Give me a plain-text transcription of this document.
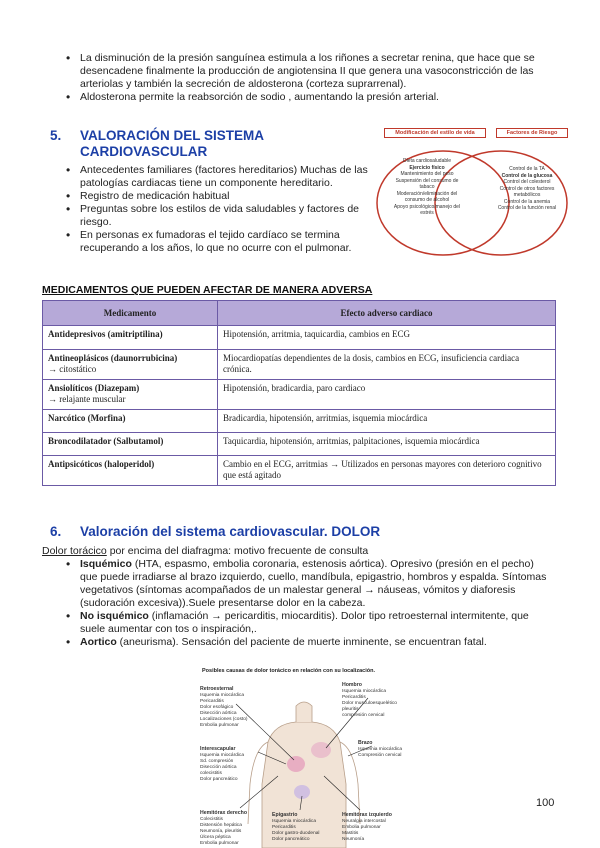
• La disminución de la presión sanguínea estimula a los riñones a secretar renina, que hace que se desencadene finalmente la producción de angiotensina II que genera una vasoconstricción de las arteriolas y también la secreción de aldosterona (corteza suprarrenal).
• Aldosterona permite la reabsorción de sodio , aumentando la presión arterial.
5. VALORACIÓN DEL SISTEMA
CARDIOVASCULAR
• Antecedentes familiares (factores hereditarios) Muchas de las patologías cardiacas tiene un componente hereditario.
• Registro de medicación habitual
• Preguntas sobre los estilos de vida saludables y factores de riesgo.
• En personas ex fumadoras el tejido cardíaco se termina recuperando a los años, lo que no ocurre con el pulmonar.
Modificación del estilo de vida	Factores de Riesgo
Dieta cardiosaludable
Ejercicio físico
Mantenimiento del peso
Suspensión del consumo de tabaco
Moderación/eliminación del consumo de alcohol
Apoyo psicológico/manejo del estrés
Control de la TA
Control de la glucosa
Control del colesterol
Control de otros factores metabólicos
Control de la anemia
Control de la función renal
MEDICAMENTOS QUE PUEDEN AFECTAR DE MANERA ADVERSA
Medicamento	Efecto adverso cardiaco
Antidepresivos (amitriptilina)	Hipotensión, arritmia, taquicardia, cambios en ECG

Antineoplásicos (daunorrubicina)
→ citostático	Miocardiopatías dependientes de la dosis, cambios en ECG, insuficiencia cardiaca crónica.

Ansiolíticos (Diazepam)
→ relajante muscular	Hipotensión, bradicardia, paro cardiaco
Narcótico (Morfina)	Bradicardia, hipotensión, arritmias, isquemia miocárdica
Broncodilatador (Salbutamol)	Taquicardia, hipotensión, arritmias, palpitaciones, isquemia miocárdica
Antipsicóticos (haloperidol)	Cambio en el ECG, arritmias → Utilizados en personas mayores con deterioro cognitivo que está agitado
6. Valoración del sistema cardiovascular. DOLOR
Dolor torácico por encima del diafragma: motivo frecuente de consulta
• Isquémico (HTA, espasmo, embolia coronaria, estenosis aórtica). Opresivo (presión en el pecho) que puede irradiarse al brazo izquierdo, cuello, mandíbula, epigastrio, hombros y espalda. Síntomas vegetativos (síntomas acompañados de un malestar general → náuseas, vómitos y diaforesis (sudoración excesiva)).Suele presentarse dolor en la cabeza.
• No isquémico (inflamación → pericarditis, miocarditis). Dolor tipo retroesternal intermitente, que suele aumentar con tos o inspiración,.
• Aortico (aneurisma). Sensación del paciente de muerte inminente, se encuentran fatal.
Posibles causas de dolor torácico en relación con su localización.
Retroesternal
Isquemia miocárdica
Pericarditis
Dolor esofágico
Disección aórtica
Localizaciones (costo)
Embolia pulmonar
Hombro
Isquemia miocárdica
Pericarditis
Dolor musculoesquelético
pleuritis
compresión cervical
Interescapular
Isquemia miocárdica
Sd. compresión
Disección aórtica
colecistitis
Dolor pancreático
Brazo
Isquemia miocárdica
Compresión cervical
Hemitórax derecho
Colecistitis
Distensión hepática
Neumonía, pleuritis
Úlcera péptica
Embolia pulmonar
Epigastrio
Isquemia miocárdica
Pericarditis
Dolor gastro-duodenal
Dolor pancreático
Hemitórax izquierdo
Neuralgia intercostal
Embolia pulmonar
Mastitis
Neumonía
100
